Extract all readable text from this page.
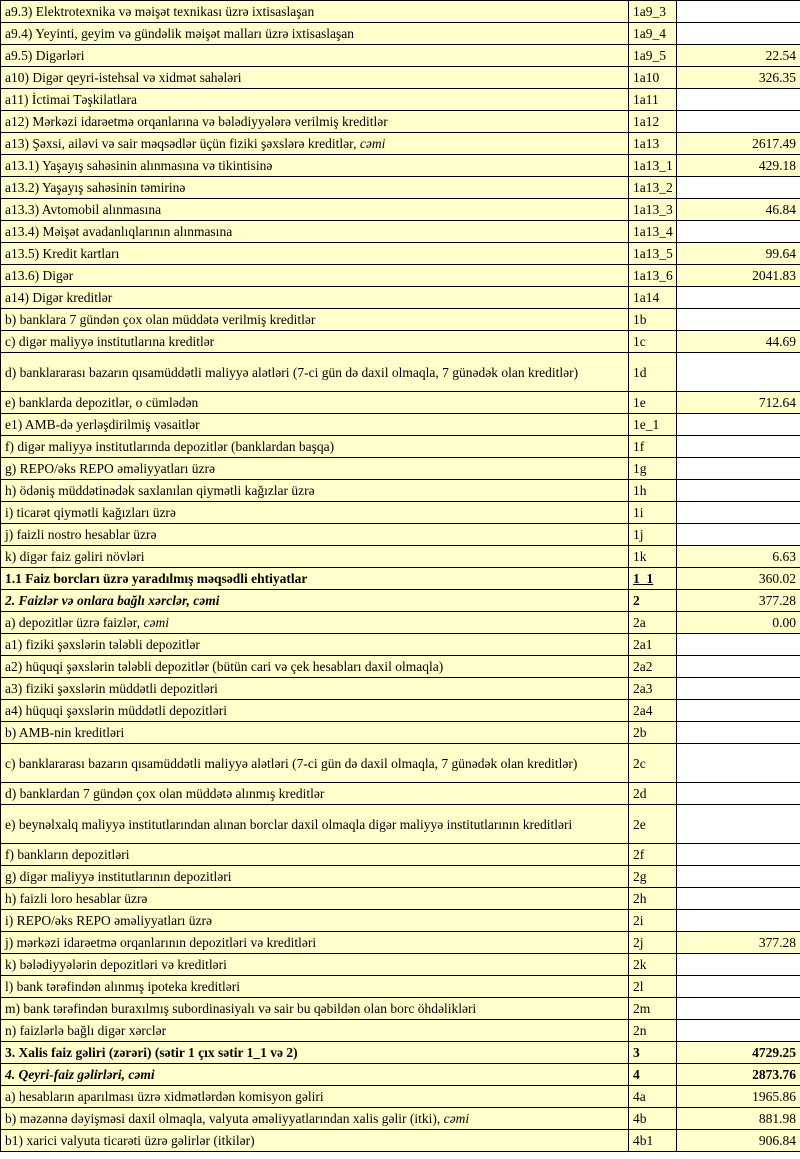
a9.3) Elektrotexnika və məişət texnikası üzrə ixtisaslaşan	1a9_3	
a9.4) Yeyinti, geyim və gündəlik məişət malları üzrə ixtisaslaşan	1a9_4	
a9.5) Digərləri	1a9_5	22.54
a10) Digər qeyri-istehsal və xidmət sahələri	1a10	326.35
a11) İctimai Təşkilatlara	1a11	
a12) Mərkəzi idarəetmə orqanlarına və bələdiyyələrə verilmiş kreditlər	1a12	
a13) Şəxsi, ailəvi və sair məqsədlər üçün fiziki şəxslərə kreditlər, cəmi	1a13	2617.49
a13.1) Yaşayış sahəsinin alınmasına və tikintisinə	1a13_1	429.18
a13.2) Yaşayış sahəsinin təmirinə	1a13_2	
a13.3) Avtomobil alınmasına	1a13_3	46.84
a13.4) Məişət avadanlıqlarının alınmasına	1a13_4	
a13.5) Kredit kartları	1a13_5	99.64
a13.6) Digər	1a13_6	2041.83
a14) Digər kreditlər	1a14	
b) banklara 7 gündən çox olan müddətə verilmiş kreditlər	1b	
c) digər maliyyə institutlarına kreditlər	1c	44.69
d) banklararası bazarın qısamüddətli maliyyə alətləri (7-ci gün də daxil olmaqla, 7 günədək olan kreditlər)	1d	
e) banklarda depozitlər, o cümlədən	1e	712.64
e1) AMB-də yerləşdirilmiş vəsaitlər	1e_1	
f) digər maliyyə institutlarında depozitlər (banklardan başqa)	1f	
g) REPO/əks REPO əməliyyatları üzrə	1g	
h) ödəniş müddətinədək saxlanılan qiymətli kağızlar üzrə	1h	
i) ticarət qiymətli kağızları üzrə	1i	
j) faizli nostro hesablar üzrə	1j	
k) digər faiz gəliri növləri	1k	6.63
1.1 Faiz borcları üzrə yaradılmış məqsədli ehtiyatlar	1_1	360.02
2. Faizlər və onlara bağlı xərclər, cəmi	2	377.28
a) depozitlər üzrə faizlər, cəmi	2a	0.00
a1) fiziki şəxslərin tələbli depozitlər	2a1	
a2) hüquqi şəxslərin tələbli depozitlər (bütün cari və çek hesabları daxil olmaqla)	2a2	
a3) fiziki şəxslərin müddətli depozitləri	2a3	
a4) hüquqi şəxslərin müddətli depozitləri	2a4	
b) AMB-nin kreditləri	2b	
c) banklararası bazarın qısamüddətli maliyyə alətləri (7-ci gün də daxil olmaqla, 7 günədək olan kreditlər)	2c	
d) banklardan 7 gündən çox olan müddətə alınmış kreditlər	2d	
e) beynəlxalq maliyyə institutlarından alınan borclar daxil olmaqla digər maliyyə institutlarının kreditləri	2e	
f) bankların depozitləri	2f	
g) digər maliyyə institutlarının depozitləri	2g	
h) faizli loro hesablar üzrə	2h	
i) REPO/əks REPO əməliyyatları üzrə	2i	
j) mərkəzi idarəetmə orqanlarının depozitləri və kreditləri	2j	377.28
k) bələdiyyələrin depozitləri və kreditləri	2k	
l) bank tərəfindən alınmış ipoteka kreditləri	2l	
m) bank tərəfindən buraxılmış subordinasiyalı və sair bu qəbildən olan borc öhdəlikləri	2m	
n) faizlərlə bağlı digər xərclər	2n	
3. Xalis faiz gəliri (zərəri) (sətir 1 çıx sətir 1_1 və 2)	3	4729.25
4. Qeyri-faiz gəlirləri, cəmi	4	2873.76
a) hesabların aparılması üzrə xidmətlərdən komisyon gəliri	4a	1965.86
b) məzənnə dəyişməsi daxil olmaqla, valyuta əməliyyatlarından xalis gəlir (itki), cəmi	4b	881.98
b1) xarici valyuta ticarəti üzrə gəlirlər (itkilər)	4b1	906.84
